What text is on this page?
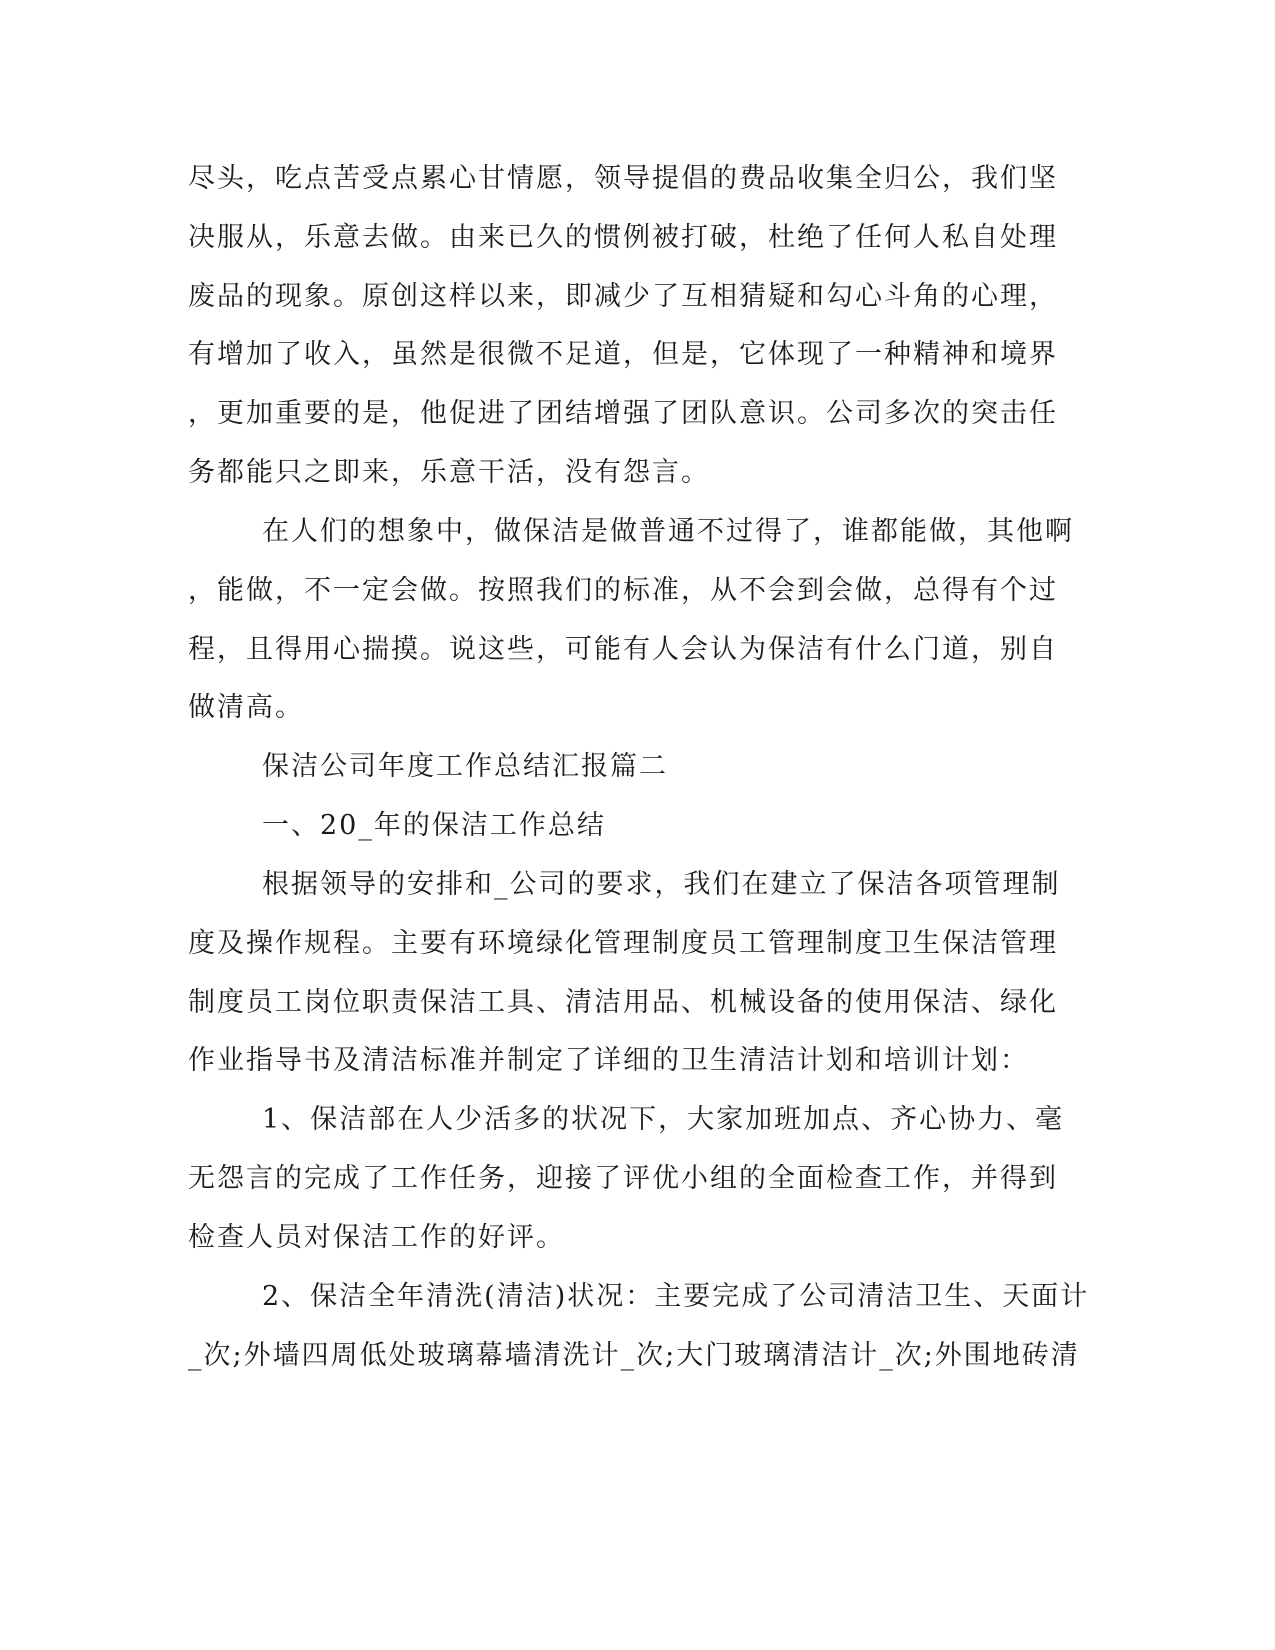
尽头，吃点苦受点累心甘情愿，领导提倡的费品收集全归公，我们坚

决服从，乐意去做。由来已久的惯例被打破，杜绝了任何人私自处理

废品的现象。原创这样以来，即减少了互相猜疑和勾心斗角的心理，

有增加了收入，虽然是很微不足道，但是，它体现了一种精神和境界

，更加重要的是，他促进了团结增强了团队意识。公司多次的突击任

务都能只之即来，乐意干活，没有怨言。

在人们的想象中，做保洁是做普通不过得了，谁都能做，其他啊

，能做，不一定会做。按照我们的标准，从不会到会做，总得有个过

程，且得用心揣摸。说这些，可能有人会认为保洁有什么门道，别自

做清高。

保洁公司年度工作总结汇报篇二

一、20_年的保洁工作总结

根据领导的安排和_公司的要求，我们在建立了保洁各项管理制

度及操作规程。主要有环境绿化管理制度员工管理制度卫生保洁管理

制度员工岗位职责保洁工具、清洁用品、机械设备的使用保洁、绿化

作业指导书及清洁标准并制定了详细的卫生清洁计划和培训计划：

1、保洁部在人少活多的状况下，大家加班加点、齐心协力、毫

无怨言的完成了工作任务，迎接了评优小组的全面检查工作，并得到

检查人员对保洁工作的好评。

2、保洁全年清洗(清洁)状况：主要完成了公司清洁卫生、天面计

_次;外墙四周低处玻璃幕墙清洗计_次;大门玻璃清洁计_次;外围地砖清
